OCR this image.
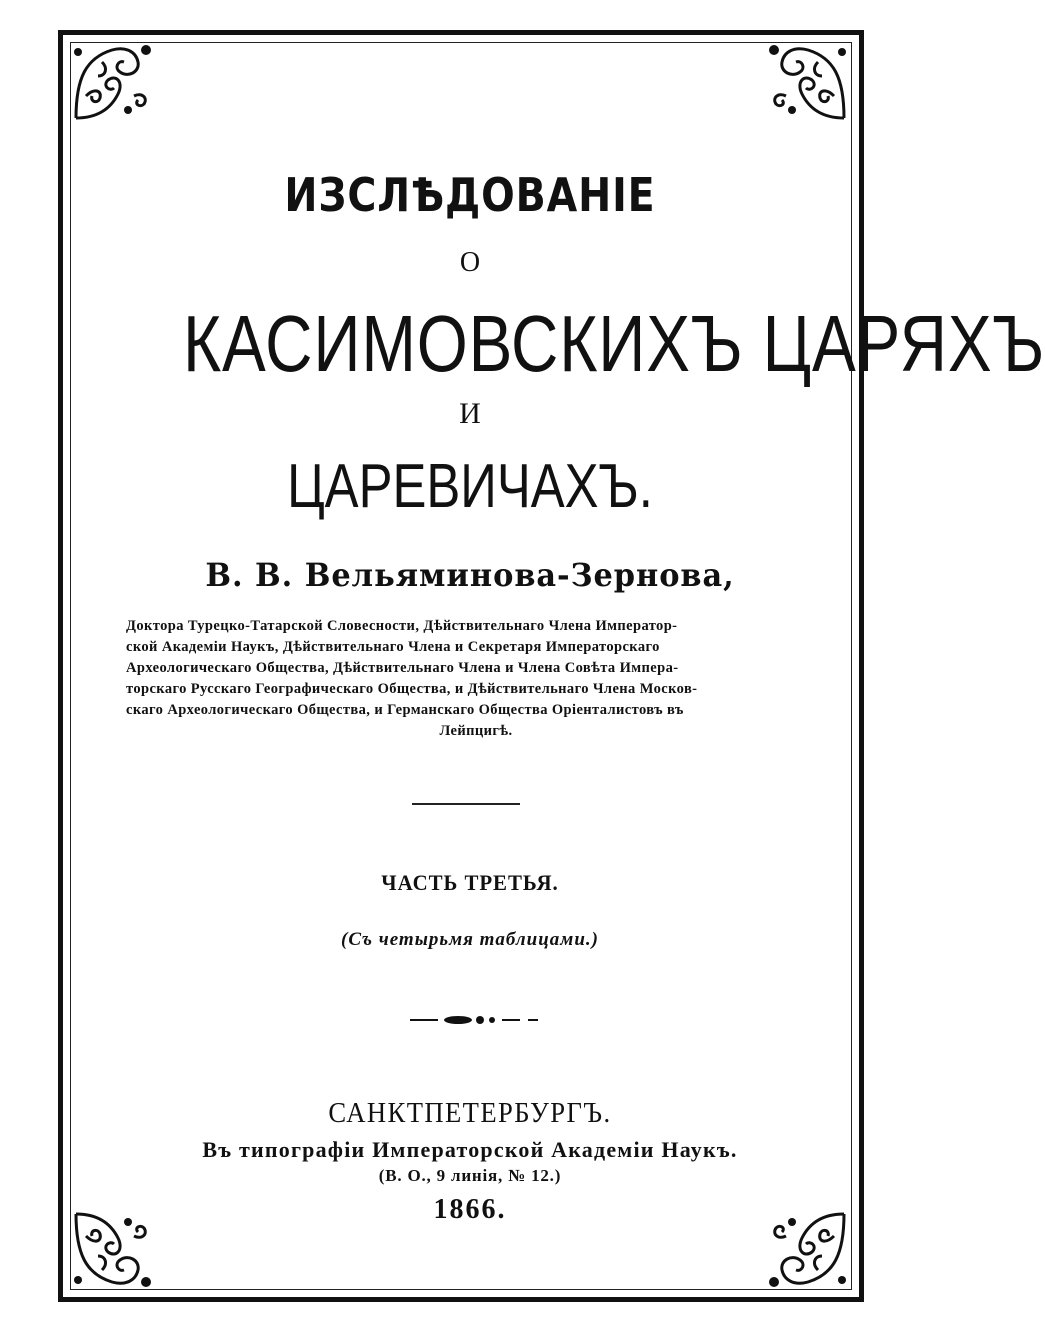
ИЗСЛѢДОВАНІЕ
О
КАСИМОВСКИХЪ ЦАРЯХЪ
И
ЦАРЕВИЧАХЪ.
В. В. Вельяминова-Зернова,
Доктора Турецко-Татарской Словесности, Дѣйствительнаго Члена Император-
ской Академіи Наукъ, Дѣйствительнаго Члена и Секретаря Императорскаго
Археологическаго Общества, Дѣйствительнаго Члена и Члена Совѣта Импера-
торскаго Русскаго Географическаго Общества, и Дѣйствительнаго Члена Москов-
скаго Археологическаго Общества, и Германскаго Общества Оріенталистовъ въ
Лейпцигѣ.
ЧАСТЬ ТРЕТЬЯ.
(Съ четырьмя таблицами.)
САНКТПЕТЕРБУРГЪ.
Въ типографіи Императорской Академіи Наукъ.
(В. О., 9 линія, № 12.)
1866.
